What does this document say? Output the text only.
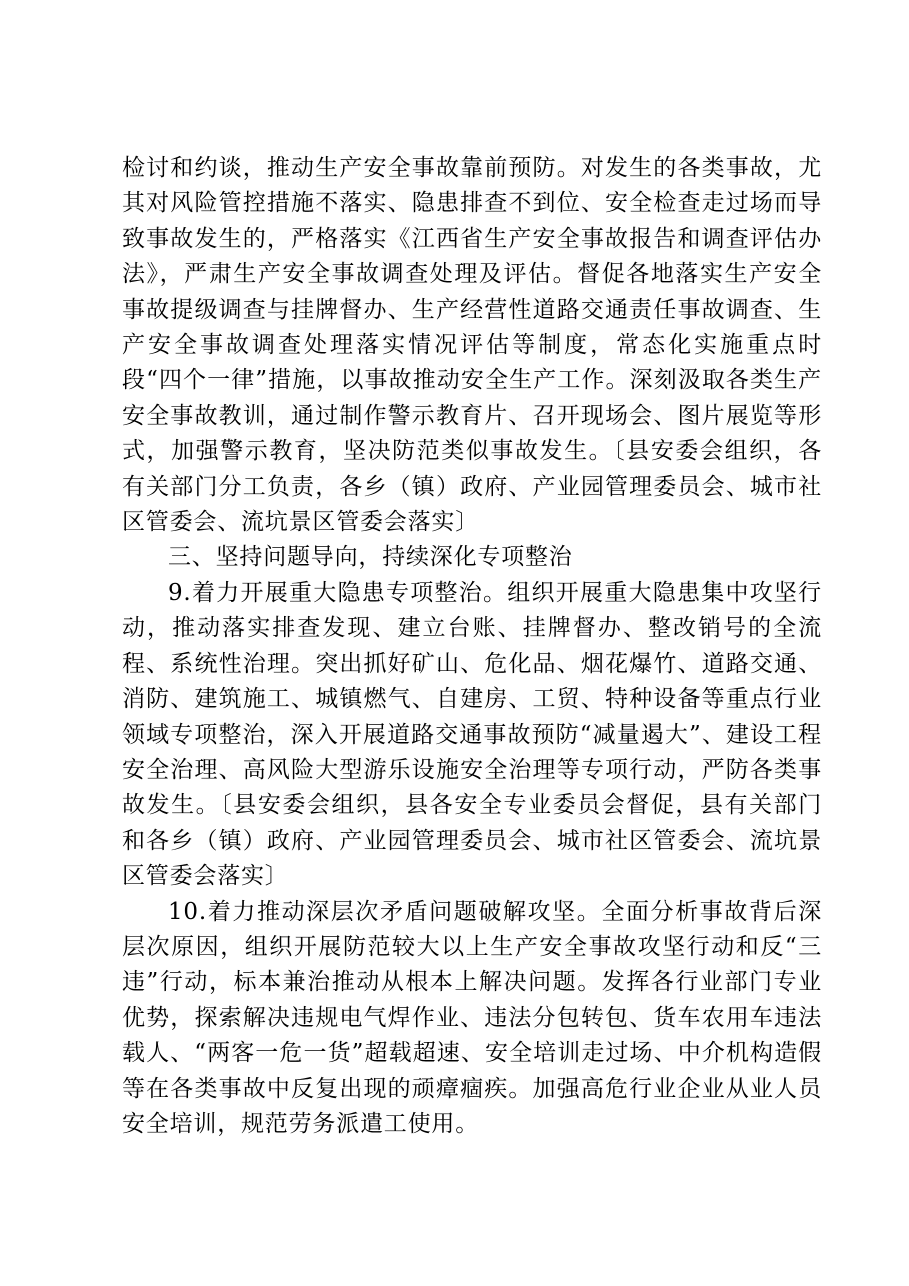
检讨和约谈，推动生产安全事故靠前预防。对发生的各类事故，尤其对风险管控措施不落实、隐患排查不到位、安全检查走过场而导致事故发生的，严格落实《江西省生产安全事故报告和调查评估办法》，严肃生产安全事故调查处理及评估。督促各地落实生产安全事故提级调查与挂牌督办、生产经营性道路交通责任事故调查、生产安全事故调查处理落实情况评估等制度，常态化实施重点时段“四个一律”措施，以事故推动安全生产工作。深刻汲取各类生产安全事故教训，通过制作警示教育片、召开现场会、图片展览等形式，加强警示教育，坚决防范类似事故发生。〔县安委会组织，各有关部门分工负责，各乡（镇）政府、产业园管理委员会、城市社区管委会、流坑景区管委会落实〕

三、坚持问题导向，持续深化专项整治

9.着力开展重大隐患专项整治。组织开展重大隐患集中攻坚行动，推动落实排查发现、建立台账、挂牌督办、整改销号的全流程、系统性治理。突出抓好矿山、危化品、烟花爆竹、道路交通、消防、建筑施工、城镇燃气、自建房、工贸、特种设备等重点行业领域专项整治，深入开展道路交通事故预防“减量遏大”、建设工程安全治理、高风险大型游乐设施安全治理等专项行动，严防各类事故发生。〔县安委会组织，县各安全专业委员会督促，县有关部门和各乡（镇）政府、产业园管理委员会、城市社区管委会、流坑景区管委会落实〕

10.着力推动深层次矛盾问题破解攻坚。全面分析事故背后深层次原因，组织开展防范较大以上生产安全事故攻坚行动和反“三违”行动，标本兼治推动从根本上解决问题。发挥各行业部门专业优势，探索解决违规电气焊作业、违法分包转包、货车农用车违法载人、“两客一危一货”超载超速、安全培训走过场、中介机构造假等在各类事故中反复出现的顽瘴痼疾。加强高危行业企业从业人员安全培训，规范劳务派遣工使用。
